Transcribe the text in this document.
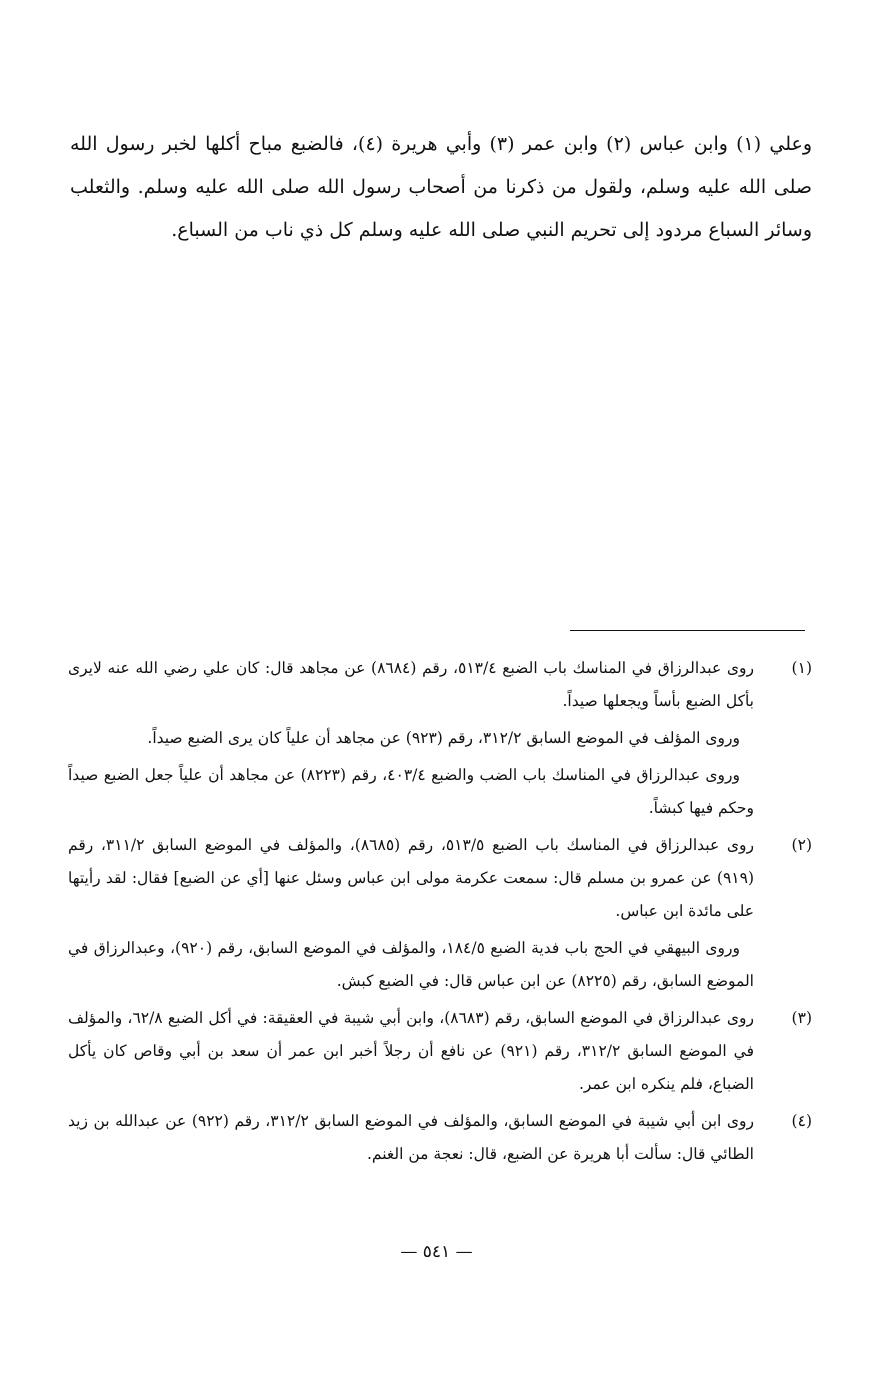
وعلي (١) وابن عباس (٢) وابن عمر (٣) وأبي هريرة (٤)، فالضبع مباح أكلها لخبر رسول الله صلى الله عليه وسلم، ولقول من ذكرنا من أصحاب رسول الله صلى الله عليه وسلم. والثعلب وسائر السباع مردود إلى تحريم النبي صلى الله عليه وسلم كل ذي ناب من السباع.

(١)

روى عبدالرزاق في المناسك باب الضبع ٥١٣/٤، رقم (٨٦٨٤) عن مجاهد قال: كان علي رضي الله عنه لايرى بأكل الضبع بأساً ويجعلها صيداً.

وروى المؤلف في الموضع السابق ٣١٢/٢، رقم (٩٢٣) عن مجاهد أن علياً كان يرى الضبع صيداً.

وروى عبدالرزاق في المناسك باب الضب والضبع ٤٠٣/٤، رقم (٨٢٢٣) عن مجاهد أن علياً جعل الضبع صيداً وحكم فيها كبشاً.

(٢)

روى عبدالرزاق في المناسك باب الضبع ٥١٣/٥، رقم (٨٦٨٥)، والمؤلف في الموضع السابق ٣١١/٢، رقم (٩١٩) عن عمرو بن مسلم قال: سمعت عكرمة مولى ابن عباس وسئل عنها [أي عن الضبع] فقال: لقد رأيتها على مائدة ابن عباس.

وروى البيهقي في الحج باب فدية الضبع ١٨٤/٥، والمؤلف في الموضع السابق، رقم (٩٢٠)، وعبدالرزاق في الموضع السابق، رقم (٨٢٢٥) عن ابن عباس قال: في الضبع كبش.

(٣)

روى عبدالرزاق في الموضع السابق، رقم (٨٦٨٣)، وابن أبي شيبة في العقيقة: في أكل الضبع ٦٢/٨، والمؤلف في الموضع السابق ٣١٢/٢، رقم (٩٢١) عن نافع أن رجلاً أخبر ابن عمر أن سعد بن أبي وقاص كان يأكل الضباع، فلم ينكره ابن عمر.

(٤)

روى ابن أبي شيبة في الموضع السابق، والمؤلف في الموضع السابق ٣١٢/٢، رقم (٩٢٢) عن عبدالله بن زيد الطائي قال: سألت أبا هريرة عن الضبع، قال: نعجة من الغنم.

— ٥٤١ —
